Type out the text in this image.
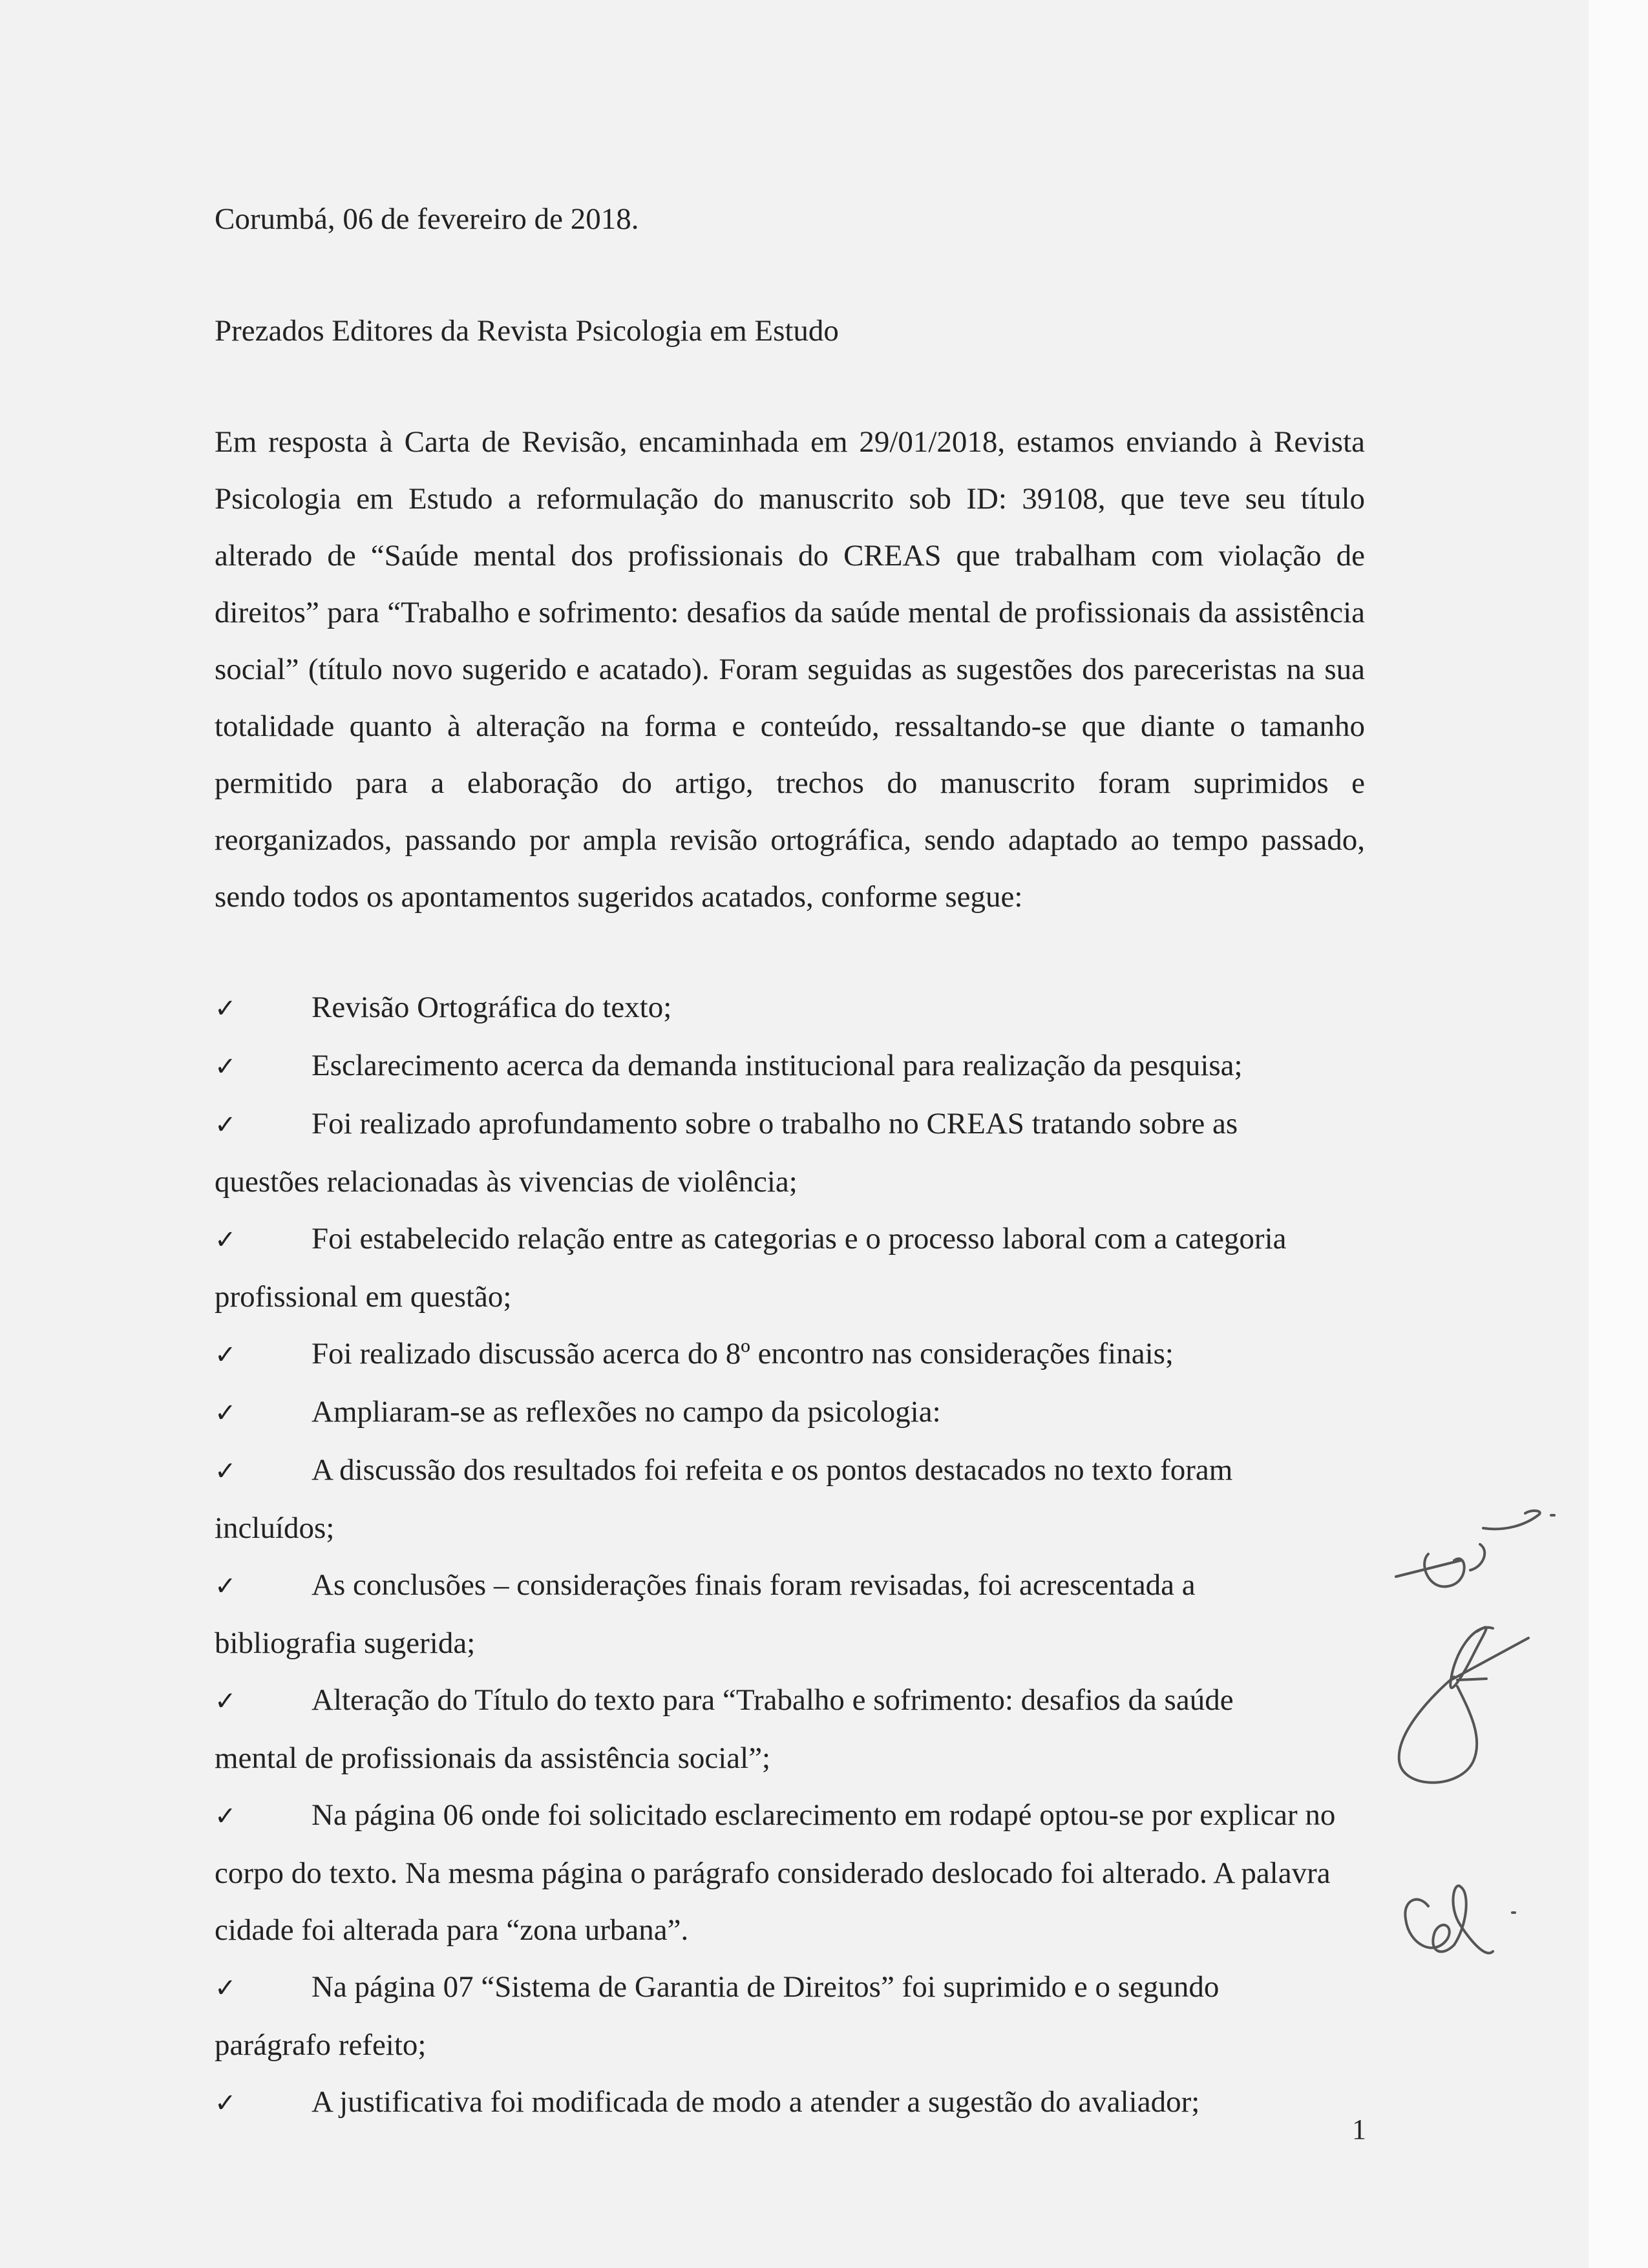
Corumbá, 06 de fevereiro de 2018.
Prezados Editores da Revista Psicologia em Estudo

Em resposta à Carta de Revisão, encaminhada em 29/01/2018, estamos enviando à Revista Psicologia em Estudo a reformulação do manuscrito sob ID: 39108, que teve seu título alterado de “Saúde mental dos profissionais do CREAS que trabalham com violação de direitos” para “Trabalho e sofrimento: desafios da saúde mental de profissionais da assistência social” (título novo sugerido e acatado). Foram seguidas as sugestões dos pareceristas na sua totalidade quanto à alteração na forma e conteúdo, ressaltando-se que diante o tamanho permitido para a elaboração do artigo, trechos do manuscrito foram suprimidos e reorganizados, passando por ampla revisão ortográfica, sendo adaptado ao tempo passado, sendo todos os apontamentos sugeridos acatados, conforme segue:

✓ Revisão Ortográfica do texto;
✓ Esclarecimento acerca da demanda institucional para realização da pesquisa;
✓ Foi realizado aprofundamento sobre o trabalho no CREAS tratando sobre as questões relacionadas às vivencias de violência;
✓ Foi estabelecido relação entre as categorias e o processo laboral com a categoria profissional em questão;
✓ Foi realizado discussão acerca do 8º encontro nas considerações finais;
✓ Ampliaram-se as reflexões no campo da psicologia:
✓ A discussão dos resultados foi refeita e os pontos destacados no texto foram incluídos;
✓ As conclusões – considerações finais foram revisadas, foi acrescentada a bibliografia sugerida;
✓ Alteração do Título do texto para “Trabalho e sofrimento: desafios da saúde mental de profissionais da assistência social”;
✓ Na página 06 onde foi solicitado esclarecimento em rodapé optou-se por explicar no corpo do texto. Na mesma página o parágrafo considerado deslocado foi alterado. A palavra cidade foi alterada para “zona urbana”.
✓ Na página 07 “Sistema de Garantia de Direitos” foi suprimido e o segundo parágrafo refeito;
✓ A justificativa foi modificada de modo a atender a sugestão do avaliador;
1
